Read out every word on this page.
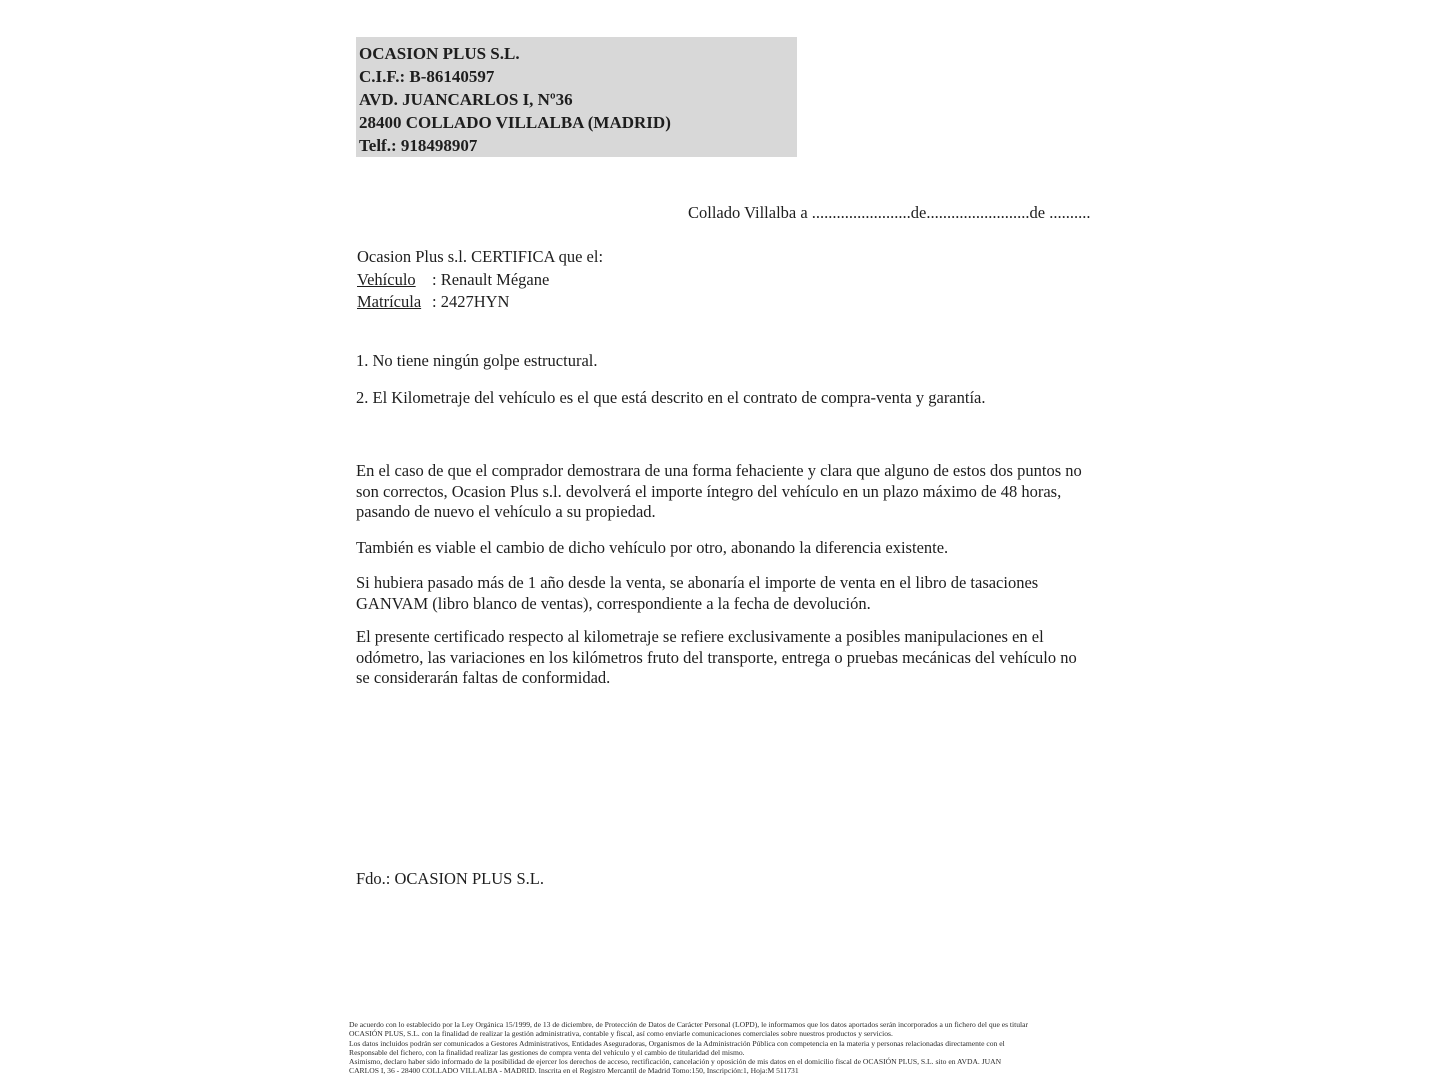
OCASION PLUS S.L.
C.I.F.: B-86140597
AVD. JUANCARLOS I, Nº36
28400 COLLADO VILLALBA (MADRID)
Telf.: 918498907
Collado Villalba a ........................de.........................de ..........
Ocasion Plus s.l. CERTIFICA que el:
Vehículo : Renault Mégane
Matrícula : 2427HYN
1. No tiene ningún golpe estructural.
2. El Kilometraje del vehículo es el que está descrito en el contrato de compra-venta y garantía.
En el caso de que el comprador demostrara de una forma fehaciente y clara que alguno de estos dos puntos no son correctos, Ocasion Plus s.l. devolverá el importe íntegro del vehículo en un plazo máximo de 48 horas, pasando de nuevo el vehículo a su propiedad.
También es viable el cambio de dicho vehículo por otro, abonando la diferencia existente.
Si hubiera pasado más de 1 año desde la venta, se abonaría el importe de venta en el libro de tasaciones GANVAM (libro blanco de ventas), correspondiente a la fecha de devolución.
El presente certificado respecto al kilometraje se refiere exclusivamente a posibles manipulaciones en el odómetro, las variaciones en los kilómetros fruto del transporte, entrega o pruebas mecánicas del vehículo no se considerarán faltas de conformidad.
Fdo.: OCASION PLUS S.L.
De acuerdo con lo establecido por la Ley Orgánica 15/1999, de 13 de diciembre, de Protección de Datos de Carácter Personal (LOPD), le informamos que los datos aportados serán incorporados a un fichero del que es titular
OCASIÓN PLUS, S.L. con la finalidad de realizar la gestión administrativa, contable y fiscal, así como enviarle comunicaciones comerciales sobre nuestros productos y servicios.
Los datos incluidos podrán ser comunicados a Gestores Administrativos, Entidades Aseguradoras, Organismos de la Administración Pública con competencia en la materia y personas relacionadas directamente con el
Responsable del fichero, con la finalidad realizar las gestiones de compra venta del vehículo y el cambio de titularidad del mismo.
Asimismo, declaro haber sido informado de la posibilidad de ejercer los derechos de acceso, rectificación, cancelación y oposición de mis datos en el domicilio fiscal de OCASIÓN PLUS, S.L. sito en AVDA. JUAN
CARLOS I, 36 - 28400 COLLADO VILLALBA - MADRID. Inscrita en el Registro Mercantil de Madrid Tomo:150, Inscripción:1, Hoja:M 511731
